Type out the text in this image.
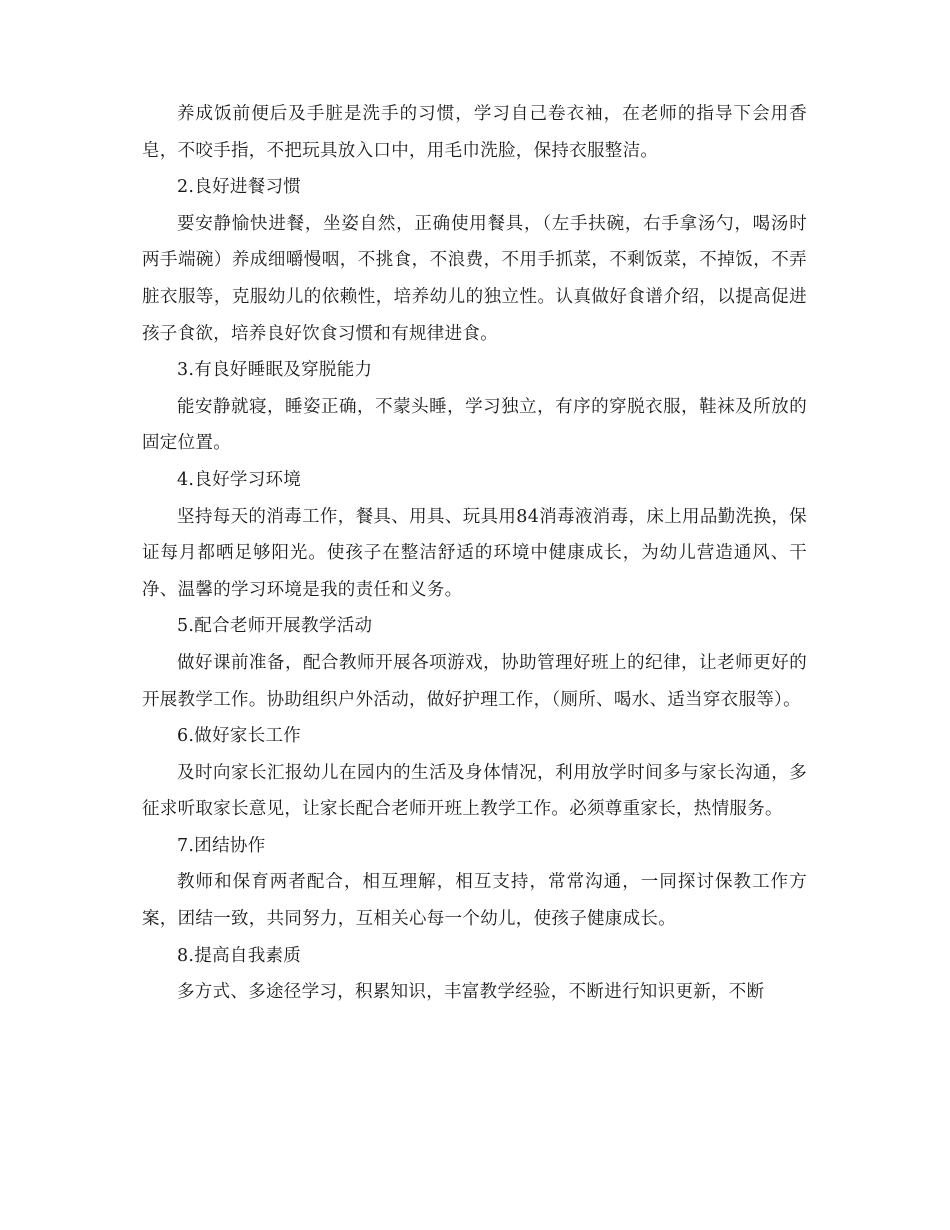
养成饭前便后及手脏是洗手的习惯，学习自己卷衣袖，在老师的指导下会用香皂，不咬手指，不把玩具放入口中，用毛巾洗脸，保持衣服整洁。

2.良好进餐习惯

要安静愉快进餐，坐姿自然，正确使用餐具，（左手扶碗，右手拿汤勺，喝汤时两手端碗）养成细嚼慢咽，不挑食，不浪费，不用手抓菜，不剩饭菜，不掉饭，不弄脏衣服等，克服幼儿的依赖性，培养幼儿的独立性。认真做好食谱介绍，以提高促进孩子食欲，培养良好饮食习惯和有规律进食。

3.有良好睡眠及穿脱能力

能安静就寝，睡姿正确，不蒙头睡，学习独立，有序的穿脱衣服，鞋袜及所放的固定位置。

4.良好学习环境

坚持每天的消毒工作，餐具、用具、玩具用84消毒液消毒，床上用品勤洗换，保证每月都晒足够阳光。使孩子在整洁舒适的环境中健康成长，为幼儿营造通风、干净、温馨的学习环境是我的责任和义务。

5.配合老师开展教学活动

做好课前准备，配合教师开展各项游戏，协助管理好班上的纪律，让老师更好的开展教学工作。协助组织户外活动，做好护理工作，（厕所、喝水、适当穿衣服等）。

6.做好家长工作

及时向家长汇报幼儿在园内的生活及身体情况，利用放学时间多与家长沟通，多征求听取家长意见，让家长配合老师开班上教学工作。必须尊重家长，热情服务。

7.团结协作

教师和保育两者配合，相互理解，相互支持，常常沟通，一同探讨保教工作方案，团结一致，共同努力，互相关心每一个幼儿，使孩子健康成长。

8.提高自我素质

多方式、多途径学习，积累知识，丰富教学经验，不断进行知识更新，不断
